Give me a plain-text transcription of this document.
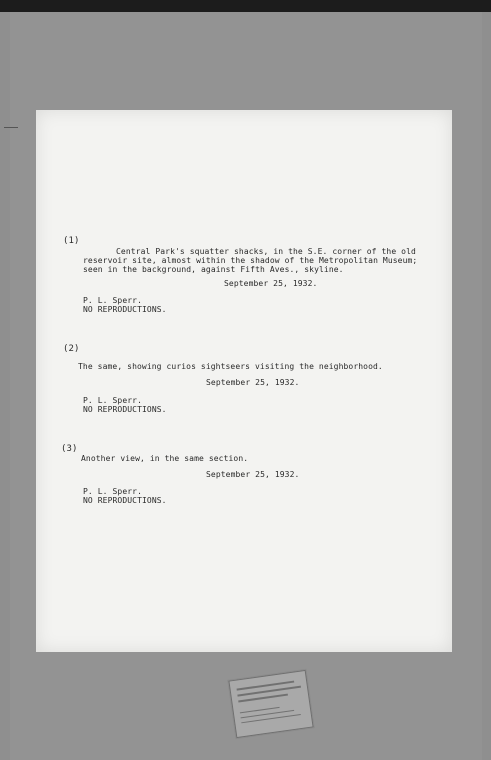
(1)
Central Park's squatter shacks, in the S.E. corner of the old
reservoir site, almost within the shadow of the Metropolitan Museum;
seen in the background, against Fifth Aves., skyline.
September 25, 1932.
P. L. Sperr.
NO REPRODUCTIONS.
(2)
The same, showing curios sightseers visiting the neighborhood.
September 25, 1932.
P. L. Sperr.
NO REPRODUCTIONS.
(3)
Another view, in the same section.
September 25, 1932.
P. L. Sperr.
NO REPRODUCTIONS.
